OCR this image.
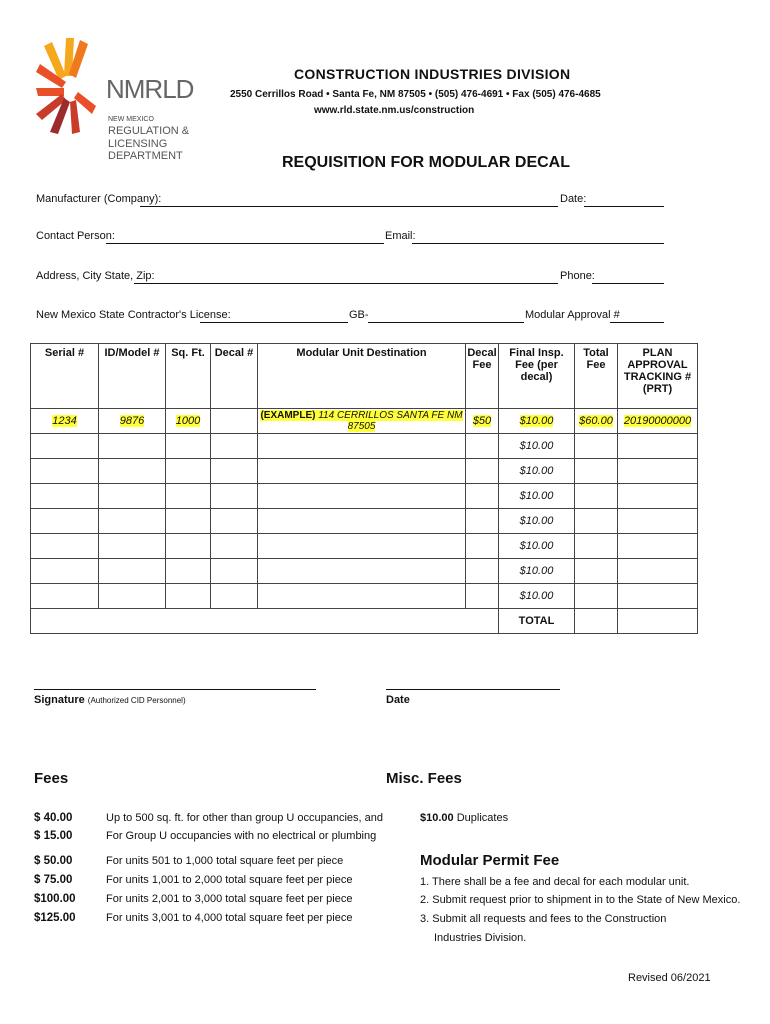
NMRLD
NEW MEXICO
REGULATION &
LICENSING DEPARTMENT
CONSTRUCTION INDUSTRIES DIVISION
2550 Cerrillos Road • Santa Fe, NM 87505 • (505) 476-4691 • Fax (505) 476-4685
www.rld.state.nm.us/construction
REQUISITION FOR MODULAR DECAL
Manufacturer (Company):	Date:
Contact Person:	Email:
Address, City State, Zip:	Phone:
New Mexico State Contractor's License:	GB-	Modular Approval #
Serial #	ID/Model #	Sq. Ft.	Decal #	Modular Unit Destination	Decal Fee	Final Insp. Fee (per decal)	Total Fee	PLAN APPROVAL TRACKING # (PRT)
1234	9876	1000		(EXAMPLE) 114 CERRILLOS SANTA FE NM 87505	$50	$10.00	$60.00	20190000000
						$10.00		
						$10.00		
						$10.00		
						$10.00		
						$10.00		
						$10.00		
						$10.00		
						TOTAL		
Signature (Authorized CID Personnel)	Date
Fees
$ 40.00	Up to 500 sq. ft. for other than group U occupancies, and
$ 15.00	For Group U occupancies with no electrical or plumbing
$ 50.00	For units 501 to 1,000 total square feet per piece
$ 75.00	For units 1,001 to 2,000 total square feet per piece
$100.00	For units 2,001 to 3,000 total square feet per piece
$125.00	For units 3,001 to 4,000 total square feet per piece
Misc. Fees
$10.00 Duplicates
Modular Permit Fee
1. There shall be a fee and decal for each modular unit.
2. Submit request prior to shipment in to the State of New Mexico.
3. Submit all requests and fees to the Construction
Industries Division.
Revised 06/2021
